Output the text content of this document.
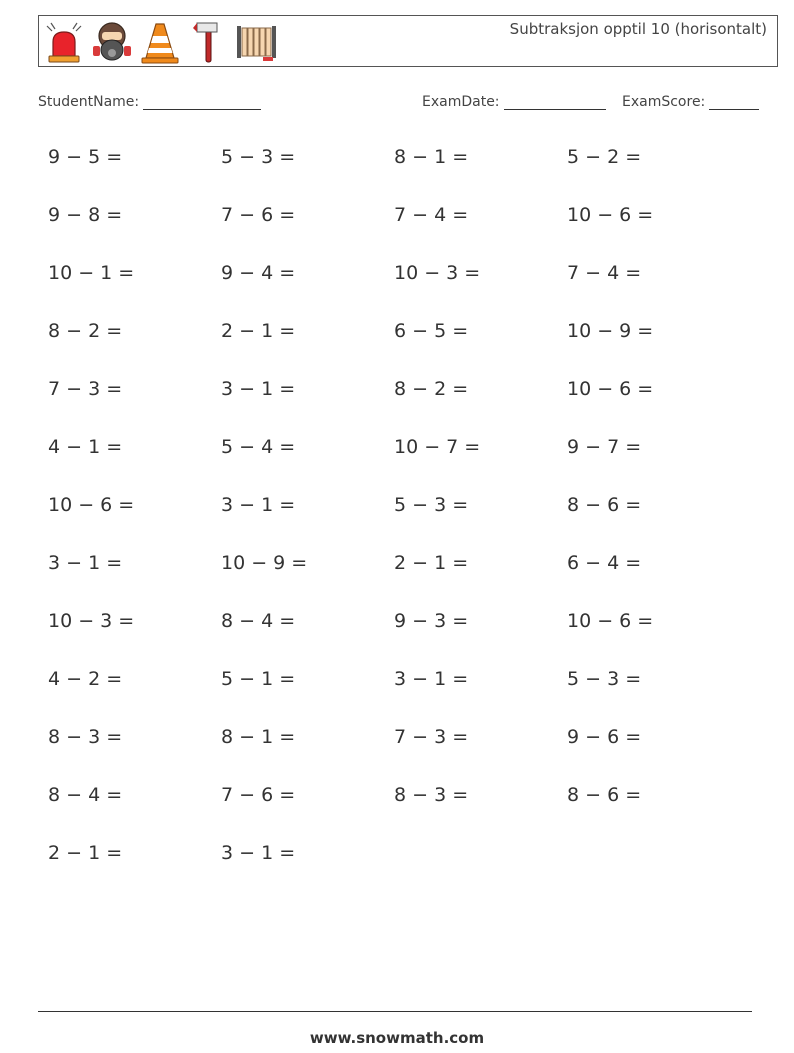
Subtraksjon opptil 10 (horisontalt)
StudentName:	ExamDate:	ExamScore:
9 − 5 =	5 − 3 =	8 − 1 =	5 − 2 =
9 − 8 =	7 − 6 =	7 − 4 =	10 − 6 =
10 − 1 =	9 − 4 =	10 − 3 =	7 − 4 =
8 − 2 =	2 − 1 =	6 − 5 =	10 − 9 =
7 − 3 =	3 − 1 =	8 − 2 =	10 − 6 =
4 − 1 =	5 − 4 =	10 − 7 =	9 − 7 =
10 − 6 =	3 − 1 =	5 − 3 =	8 − 6 =
3 − 1 =	10 − 9 =	2 − 1 =	6 − 4 =
10 − 3 =	8 − 4 =	9 − 3 =	10 − 6 =
4 − 2 =	5 − 1 =	3 − 1 =	5 − 3 =
8 − 3 =	8 − 1 =	7 − 3 =	9 − 6 =
8 − 4 =	7 − 6 =	8 − 3 =	8 − 6 =
2 − 1 =	3 − 1 =
www.snowmath.com
